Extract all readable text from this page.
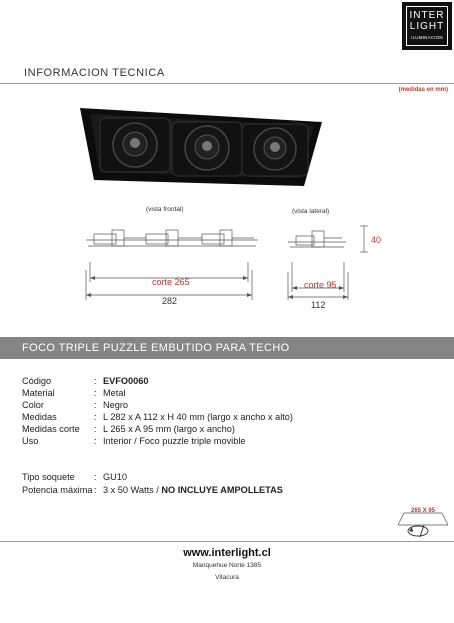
INTER
LIGHT
ILUMINACION
INFORMACION TECNICA
(medidas en mm)
(vista frontal)	(vista lateral)
40
corte 265
282
corte 95
112
FOCO TRIPLE PUZZLE EMBUTIDO PARA TECHO
Código	: EVFO0060
Material	: Metal
Color	: Negro
Medidas	: L 282 x A 112 x H 40 mm (largo x ancho x alto)
Medidas corte : L 265 x A 95 mm (largo x ancho)
Uso	: Interior / Foco puzzle triple movible
Tipo soquete : GU10
Potencia máxima : 3 x 50 Watts / NO INCLUYE AMPOLLETAS
265 X 95
www.interlight.cl
Manquehue Norte 1385
Vitacura
